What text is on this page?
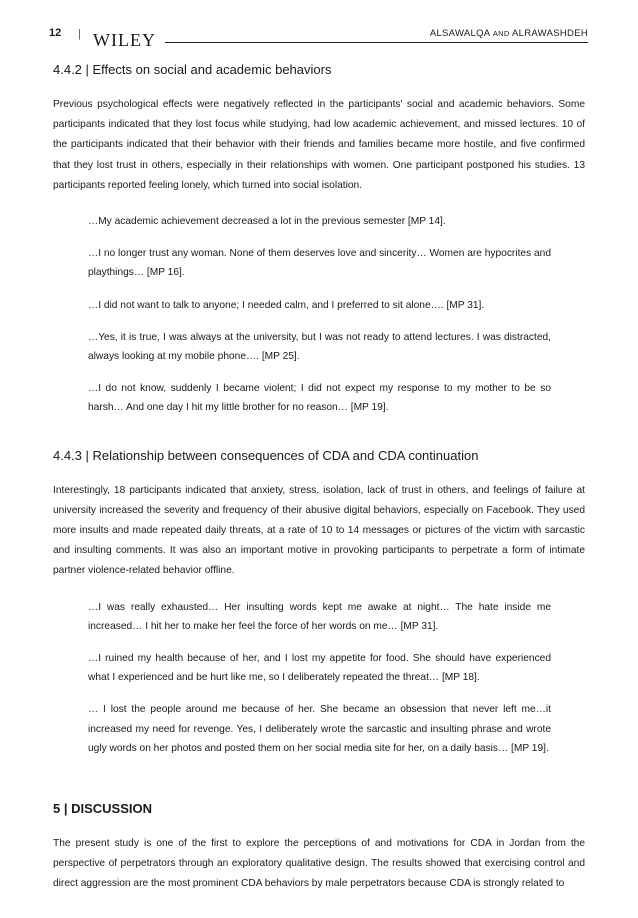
12 | WILEY	ALSAWALQA AND ALRAWASHDEH
4.4.2 | Effects on social and academic behaviors

Previous psychological effects were negatively reflected in the participants' social and academic behaviors. Some participants indicated that they lost focus while studying, had low academic achievement, and missed lectures. 10 of the participants indicated that their behavior with their friends and families became more hostile, and five confirmed that they lost trust in others, especially in their relationships with women. One participant postponed his studies. 13 participants reported feeling lonely, which turned into social isolation.

…My academic achievement decreased a lot in the previous semester [MP 14].

…I no longer trust any woman. None of them deserves love and sincerity… Women are hypocrites and playthings… [MP 16].

…I did not want to talk to anyone; I needed calm, and I preferred to sit alone…. [MP 31].

…Yes, it is true, I was always at the university, but I was not ready to attend lectures. I was distracted, always looking at my mobile phone…. [MP 25].

…I do not know, suddenly I became violent; I did not expect my response to my mother to be so harsh… And one day I hit my little brother for no reason… [MP 19].

4.4.3 | Relationship between consequences of CDA and CDA continuation

Interestingly, 18 participants indicated that anxiety, stress, isolation, lack of trust in others, and feelings of failure at university increased the severity and frequency of their abusive digital behaviors, especially on Facebook. They used more insults and made repeated daily threats, at a rate of 10 to 14 messages or pictures of the victim with sarcastic and insulting comments. It was also an important motive in provoking participants to perpetrate a form of intimate partner violence-related behavior offline.

…I was really exhausted… Her insulting words kept me awake at night… The hate inside me increased… I hit her to make her feel the force of her words on me… [MP 31].

…I ruined my health because of her, and I lost my appetite for food. She should have experienced what I experienced and be hurt like me, so I deliberately repeated the threat… [MP 18].

… I lost the people around me because of her. She became an obsession that never left me…it increased my need for revenge. Yes, I deliberately wrote the sarcastic and insulting phrase and wrote ugly words on her photos and posted them on her social media site for her, on a daily basis… [MP 19].

5 | DISCUSSION

The present study is one of the first to explore the perceptions of and motivations for CDA in Jordan from the perspective of perpetrators through an exploratory qualitative design. The results showed that exercising control and direct aggression are the most prominent CDA behaviors by male perpetrators because CDA is strongly related to
